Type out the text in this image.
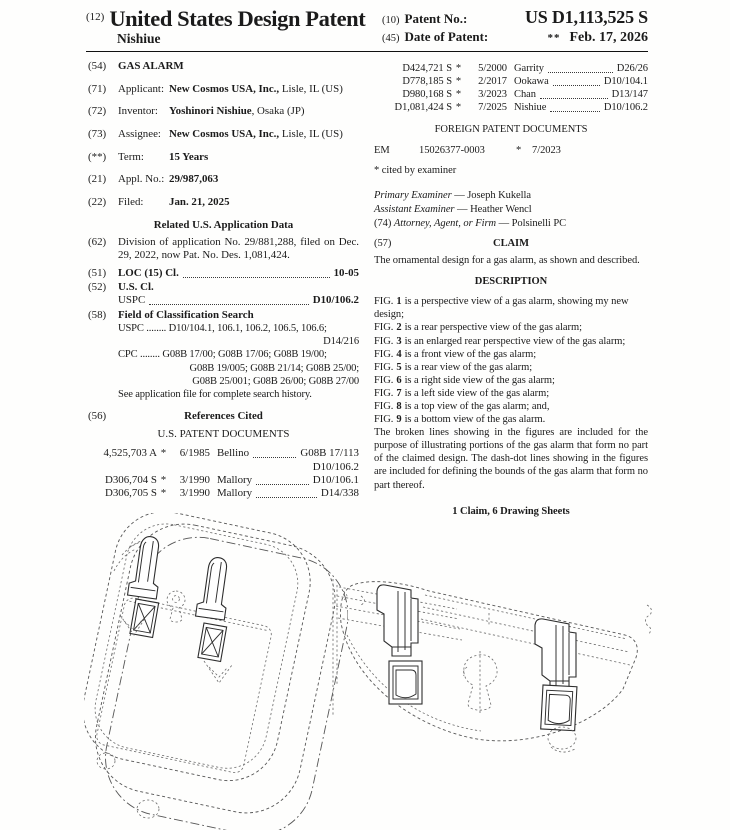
$^{(12)}$ United States Design Patent
Nishiue
(10) Patent No.:	US D1,113,525 S
(45) Date of Patent:	** Feb. 17, 2026
(54)	GAS ALARM
(71)	Applicant: New Cosmos USA, Inc., Lisle, IL (US)
(72)	Inventor:	Yoshinori Nishiue, Osaka (JP)
(73)	Assignee: New Cosmos USA, Inc., Lisle, IL (US)
(**)	Term:	15 Years
(21)	Appl. No.: 29/987,063
(22)	Filed:	Jan. 21, 2025
Related U.S. Application Data
(62)	Division of application No. 29/881,288, filed on Dec. 29, 2022, now Pat. No. Des. 1,081,424.
(51)	LOC (15) Cl.	10-05
(52)	U.S. Cl.
USPC	D10/106.2
(58)	Field of Classification Search
USPC ........ D10/104.1, 106.1, 106.2, 106.5, 106.6;
D14/216
CPC ........ G08B 17/00; G08B 17/06; G08B 19/00;
G08B 19/005; G08B 21/14; G08B 25/00;
G08B 25/001; G08B 26/00; G08B 27/00
See application file for complete search history.
(56)	References Cited
U.S. PATENT DOCUMENTS
4,525,703 A *	6/1985 Bellino	G08B 17/113
D10/106.2
D306,704 S *	3/1990 Mallory	D10/106.1
D306,705 S *	3/1990 Mallory	D14/338
D424,721 S *	5/2000 Garrity	D26/26
D778,185 S *	2/2017 Ookawa	D10/104.1
D980,168 S *	3/2023 Chan	D13/147
D1,081,424 S *	7/2025 Nishiue	D10/106.2
FOREIGN PATENT DOCUMENTS
EM	15026377-0003	*	7/2023
* cited by examiner
Primary Examiner — Joseph Kukella
Assistant Examiner — Heather Wencl
(74) Attorney, Agent, or Firm — Polsinelli PC
(57)	CLAIM
The ornamental design for a gas alarm, as shown and described.
DESCRIPTION
FIG. 1 is a perspective view of a gas alarm, showing my new design;
FIG. 2 is a rear perspective view of the gas alarm;
FIG. 3 is an enlarged rear perspective view of the gas alarm;
FIG. 4 is a front view of the gas alarm;
FIG. 5 is a rear view of the gas alarm;
FIG. 6 is a right side view of the gas alarm;
FIG. 7 is a left side view of the gas alarm;
FIG. 8 is a top view of the gas alarm; and,
FIG. 9 is a bottom view of the gas alarm.
The broken lines showing in the figures are included for the purpose of illustrating portions of the gas alarm that form no part of the claimed design. The dash-dot lines showing in the figures are included for defining the bounds of the gas alarm that form no part thereof.
1 Claim, 6 Drawing Sheets
